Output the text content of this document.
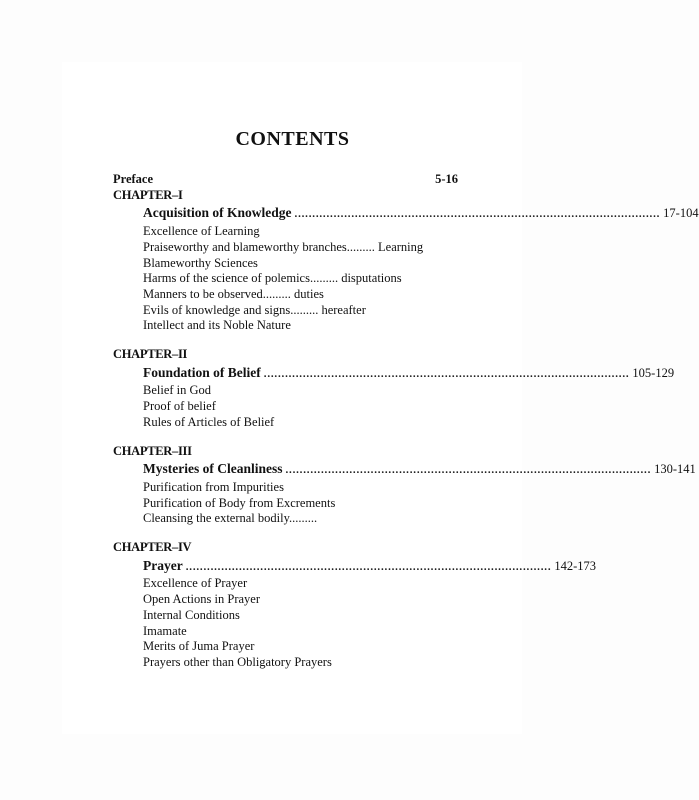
CONTENTS
Preface	5-16
CHAPTER–I
Acquisition of Knowledge ....................................................................................................... 17-104
Excellence of Learning
Praiseworthy and blameworthy branches......... Learning
Blameworthy Sciences
Harms of the science of polemics......... disputations
Manners to be observed......... duties
Evils of knowledge and signs......... hereafter
Intellect and its Noble Nature
CHAPTER–II
Foundation of Belief ....................................................................................................... 105-129
Belief in God
Proof of belief
Rules of Articles of Belief
CHAPTER–III
Mysteries of Cleanliness ....................................................................................................... 130-141
Purification from Impurities
Purification of Body from Excrements
Cleansing the external bodily.........
CHAPTER–IV
Prayer ....................................................................................................... 142-173
Excellence of Prayer
Open Actions in Prayer
Internal Conditions
Imamate
Merits of Juma Prayer
Prayers other than Obligatory Prayers
